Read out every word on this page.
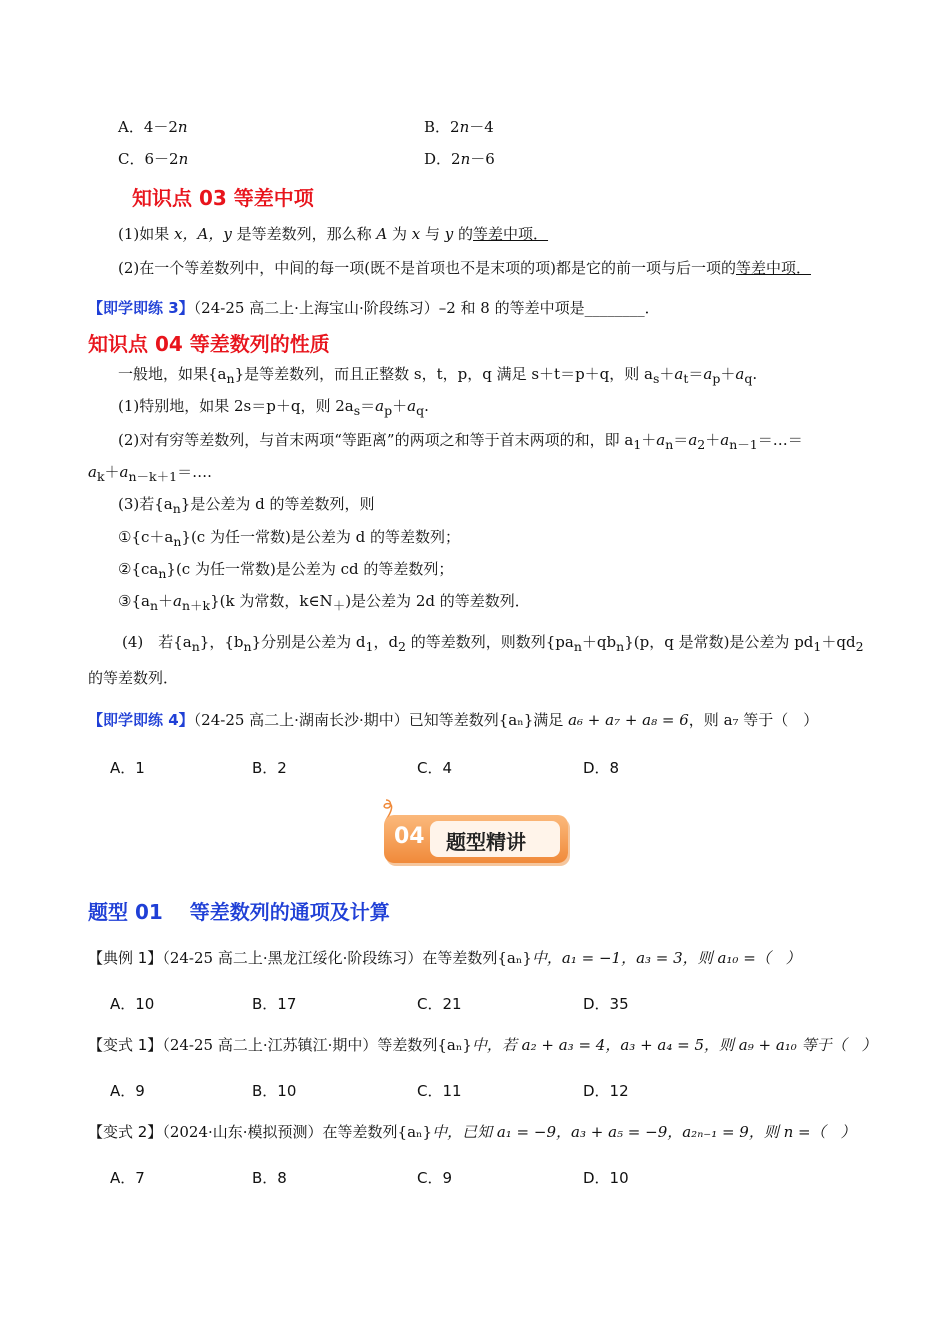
A．4－2n	B．2n－4
C．6－2n	D．2n－6
知识点 03 等差中项
(1)如果 x，A，y 是等差数列，那么称 A 为 x 与 y 的等差中项．
(2)在一个等差数列中，中间的每一项(既不是首项也不是末项的项)都是它的前一项与后一项的等差中项．
【即学即练 3】（24-25 高二上·上海宝山·阶段练习）–2 和 8 的等差中项是________．
知识点 04 等差数列的性质
一般地，如果$\{a_n\}$是等差数列，而且正整数 s，t，p，q 满足 s＋t＝p＋q，则 $a_s+a_t=a_p+a_q$.
(1)特别地，如果 2s＝p＋q，则 $2a_s=a_p+a_q$.
(2)对有穷等差数列，与首末两项“等距离”的两项之和等于首末两项的和，即 $a_1+a_n=a_2+a_{n-1}=\dots=$
$a_k+a_{n-k+1}=\dots$.
(3)若$\{a_n\}$是公差为 d 的等差数列，则
$①\{c+a_n\}(c$ 为任一常数)是公差为 d 的等差数列；
$②\{ca_n\}(c$ 为任一常数)是公差为 cd 的等差数列；
$③\{a_n+a_{n+k}\}(k$ 为常数，$k\in N_+$)是公差为 2d 的等差数列．
(4)　若$\{a_n\}$，$\{b_n\}$分别是公差为 $d_1$，$d_2$ 的等差数列，则数列$\{pa_n+qb_n\}(p$，q 是常数)是公差为 $pd_1+qd_2$
的等差数列．
【即学即练 4】（24-25 高二上·湖南长沙·期中）已知等差数列{aₙ}满足 a₆ + a₇ + a₈ = 6，则 a₇ 等于（　）
A．1	B．2	C．4	D．8
04 题型精讲
题型 01　 等差数列的通项及计算
【典例 1】（24-25 高二上·黑龙江绥化·阶段练习）在等差数列{aₙ}中，a₁ = −1，a₃ = 3，则 a₁₀ =（　）
A．10	B．17	C．21	D．35
【变式 1】（24-25 高二上·江苏镇江·期中）等差数列{aₙ}中，若 a₂ + a₃ = 4，a₃ + a₄ = 5，则 a₉ + a₁₀ 等于（　）
A．9	B．10	C．11	D．12
【变式 2】（2024·山东·模拟预测）在等差数列{aₙ}中，已知 a₁ = −9，a₃ + a₅ = −9，a₂ₙ₋₁ = 9，则 n =（　）
A．7	B．8	C．9	D．10
